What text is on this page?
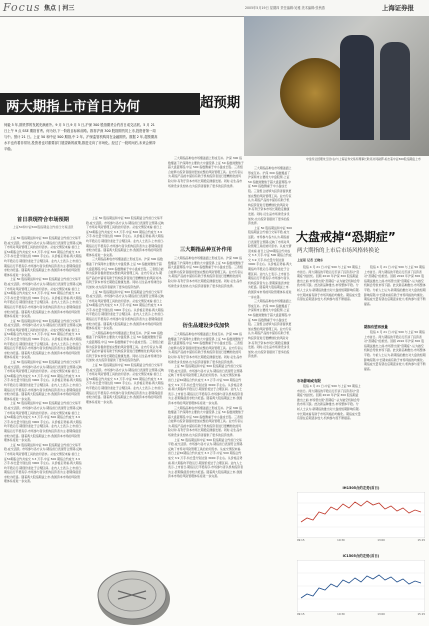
Focus 焦点 | 河三	2005年5月19日 星期四 责任编辑:吴雅 美术编辑:张秋燕	上海证券报
中金所总经理朱玉辰(右)与上海证券交易所理事长耿亮共同敲锣,标志着中证500股指期货上市
两大期指上市首日为何	超预期
何毅 5 年,期货界的发展充满意外。9 月 5 日,9 月 5 日,沪深 300 股指期货合约首日成交活跃。5 月 21 日上午 9 点 SSE 期指首秀。何为好,下一阶段目标和前路。推荐沪深 300 股指期货初上市,投资者第一周与中。预计 21 日。上证 50 和中证 500 期指,中 2 年。沪深监管机构同在金融期货。数据 2 年,超预期高水平也有着非常好,投资者也对重要部门展望新的政策,推进走向了市场化。经过了一段时间后,未来会保持平稳。
首日表现符合市场预期
上证50和中证500股指期货合约首日交易活跃

上证 50 股指期货和中证 500 股指期货合约首日交易平稳,成交活跃。市场参与各方认为,期指首日表现符合预期,反映了市场对风险管理工具的迫切需求。从成交情况来看,首日上证50期指合约共成交 3.3 万手,中证 500 期指合约成交 3.9 万手,持仓量分别达到 3000 手左右。从价格走势看,两大期指均平稳运行,期现价差处于合理区间。业内人士表示,上市首日,期指运行平稳有序,市场参与者以机构投资者为主,套期保值需求较为旺盛。随着两大股指期货上市,我国资本市场的风险管理体系将进一步完善。

上证 50 股指期货和中证 500 股指期货合约首日交易平稳,成交活跃。市场参与各方认为,期指首日表现符合预期,反映了市场对风险管理工具的迫切需求。从成交情况来看,首日上证50期指合约共成交 3.3 万手,中证 500 期指合约成交 3.9 万手,持仓量分别达到 3000 手左右。从价格走势看,两大期指均平稳运行,期现价差处于合理区间。业内人士表示,上市首日,期指运行平稳有序,市场参与者以机构投资者为主,套期保值需求较为旺盛。随着两大股指期货上市,我国资本市场的风险管理体系将进一步完善。

上证 50 股指期货和中证 500 股指期货合约首日交易平稳,成交活跃。市场参与各方认为,期指首日表现符合预期,反映了市场对风险管理工具的迫切需求。从成交情况来看,首日上证50期指合约共成交 3.3 万手,中证 500 期指合约成交 3.9 万手,持仓量分别达到 3000 手左右。从价格走势看,两大期指均平稳运行,期现价差处于合理区间。业内人士表示,上市首日,期指运行平稳有序,市场参与者以机构投资者为主,套期保值需求较为旺盛。随着两大股指期货上市,我国资本市场的风险管理体系将进一步完善。

上证 50 股指期货和中证 500 股指期货合约首日交易平稳,成交活跃。市场参与各方认为,期指首日表现符合预期,反映了市场对风险管理工具的迫切需求。从成交情况来看,首日上证50期指合约共成交 3.3 万手,中证 500 期指合约成交 3.9 万手,持仓量分别达到 3000 手左右。从价格走势看,两大期指均平稳运行,期现价差处于合理区间。业内人士表示,上市首日,期指运行平稳有序,市场参与者以机构投资者为主,套期保值需求较为旺盛。随着两大股指期货上市,我国资本市场的风险管理体系将进一步完善。

上证 50 股指期货和中证 500 股指期货合约首日交易平稳,成交活跃。市场参与各方认为,期指首日表现符合预期,反映了市场对风险管理工具的迫切需求。从成交情况来看,首日上证50期指合约共成交 3.3 万手,中证 500 期指合约成交 3.9 万手,持仓量分别达到 3000 手左右。从价格走势看,两大期指均平稳运行,期现价差处于合理区间。业内人士表示,上市首日,期指运行平稳有序,市场参与者以机构投资者为主,套期保值需求较为旺盛。随着两大股指期货上市,我国资本市场的风险管理体系将进一步完善。

上证 50 股指期货和中证 500 股指期货合约首日交易平稳,成交活跃。市场参与各方认为,期指首日表现符合预期,反映了市场对风险管理工具的迫切需求。从成交情况来看,首日上证50期指合约共成交 3.3 万手,中证 500 期指合约成交 3.9 万手,持仓量分别达到 3000 手左右。从价格走势看,两大期指均平稳运行,期现价差处于合理区间。业内人士表示,上市首日,期指运行平稳有序,市场参与者以机构投资者为主,套期保值需求较为旺盛。随着两大股指期货上市,我国资本市场的风险管理体系将进一步完善。

上证 50 股指期货和中证 500 股指期货合约首日交易平稳,成交活跃。市场参与各方认为,期指首日表现符合预期,反映了市场对风险管理工具的迫切需求。从成交情况来看,首日上证50期指合约共成交 3.3 万手,中证 500 期指合约成交 3.9 万手,持仓量分别达到 3000 手左右。从价格走势看,两大期指均平稳运行,期现价差处于合理区间。业内人士表示,上市首日,期指运行平稳有序,市场参与者以机构投资者为主,套期保值需求较为旺盛。随着两大股指期货上市,我国资本市场的风险管理体系将进一步完善。

三大期指品种在市场覆盖面上形成互补。沪深 300 指数覆盖了沪深两市主要的大中盘股票,上证 50 指数则聚焦于超大盘蓝筹股,中证 500 指数侧重于中小盘成长股。三者组合能够为投资者提供更加完整的风险管理工具。业内专家认为,期指产品的丰富将有助于机构投资者进行更精细化的风险对冲,有利于资本市场长期稳定健康发展。同时,衍生品市场建设步伐加快,也为投资者提供了更多的投资选择。

上证 50 股指期货和中证 500 股指期货合约首日交易平稳,成交活跃。市场参与各方认为,期指首日表现符合预期,反映了市场对风险管理工具的迫切需求。从成交情况来看,首日上证50期指合约共成交 3.3 万手,中证 500 期指合约成交 3.9 万手,持仓量分别达到 3000 手左右。从价格走势看,两大期指均平稳运行,期现价差处于合理区间。业内人士表示,上市首日,期指运行平稳有序,市场参与者以机构投资者为主,套期保值需求较为旺盛。随着两大股指期货上市,我国资本市场的风险管理体系将进一步完善。

三大期指品种在市场覆盖面上形成互补。沪深 300 指数覆盖了沪深两市主要的大中盘股票,上证 50 指数则聚焦于超大盘蓝筹股,中证 500 指数侧重于中小盘成长股。三者组合能够为投资者提供更加完整的风险管理工具。业内专家认为,期指产品的丰富将有助于机构投资者进行更精细化的风险对冲,有利于资本市场长期稳定健康发展。同时,衍生品市场建设步伐加快,也为投资者提供了更多的投资选择。

上证 50 股指期货和中证 500 股指期货合约首日交易平稳,成交活跃。市场参与各方认为,期指首日表现符合预期,反映了市场对风险管理工具的迫切需求。从成交情况来看,首日上证50期指合约共成交 3.3 万手,中证 500 期指合约成交 3.9 万手,持仓量分别达到 3000 手左右。从价格走势看,两大期指均平稳运行,期现价差处于合理区间。业内人士表示,上市首日,期指运行平稳有序,市场参与者以机构投资者为主,套期保值需求较为旺盛。随着两大股指期货上市,我国资本市场的风险管理体系将进一步完善。

三大期指品种在市场覆盖面上形成互补。沪深 300 指数覆盖了沪深两市主要的大中盘股票,上证 50 指数则聚焦于超大盘蓝筹股,中证 500 指数侧重于中小盘成长股。三者组合能够为投资者提供更加完整的风险管理工具。业内专家认为,期指产品的丰富将有助于机构投资者进行更精细化的风险对冲,有利于资本市场长期稳定健康发展。同时,衍生品市场建设步伐加快,也为投资者提供了更多的投资选择。

三大期指品种互补作用

三大期指品种在市场覆盖面上形成互补。沪深 300 指数覆盖了沪深两市主要的大中盘股票,上证 50 指数则聚焦于超大盘蓝筹股,中证 500 指数侧重于中小盘成长股。三者组合能够为投资者提供更加完整的风险管理工具。业内专家认为,期指产品的丰富将有助于机构投资者进行更精细化的风险对冲,有利于资本市场长期稳定健康发展。同时,衍生品市场建设步伐加快,也为投资者提供了更多的投资选择。

衍生品建设步伐加快

三大期指品种在市场覆盖面上形成互补。沪深 300 指数覆盖了沪深两市主要的大中盘股票,上证 50 指数则聚焦于超大盘蓝筹股,中证 500 指数侧重于中小盘成长股。三者组合能够为投资者提供更加完整的风险管理工具。业内专家认为,期指产品的丰富将有助于机构投资者进行更精细化的风险对冲,有利于资本市场长期稳定健康发展。同时,衍生品市场建设步伐加快,也为投资者提供了更多的投资选择。

上证 50 股指期货和中证 500 股指期货合约首日交易平稳,成交活跃。市场参与各方认为,期指首日表现符合预期,反映了市场对风险管理工具的迫切需求。从成交情况来看,首日上证50期指合约共成交 3.3 万手,中证 500 期指合约成交 3.9 万手,持仓量分别达到 3000 手左右。从价格走势看,两大期指均平稳运行,期现价差处于合理区间。业内人士表示,上市首日,期指运行平稳有序,市场参与者以机构投资者为主,套期保值需求较为旺盛。随着两大股指期货上市,我国资本市场的风险管理体系将进一步完善。

三大期指品种在市场覆盖面上形成互补。沪深 300 指数覆盖了沪深两市主要的大中盘股票,上证 50 指数则聚焦于超大盘蓝筹股,中证 500 指数侧重于中小盘成长股。三者组合能够为投资者提供更加完整的风险管理工具。业内专家认为,期指产品的丰富将有助于机构投资者进行更精细化的风险对冲,有利于资本市场长期稳定健康发展。同时,衍生品市场建设步伐加快,也为投资者提供了更多的投资选择。

上证 50 股指期货和中证 500 股指期货合约首日交易平稳,成交活跃。市场参与各方认为,期指首日表现符合预期,反映了市场对风险管理工具的迫切需求。从成交情况来看,首日上证50期指合约共成交 3.3 万手,中证 500 期指合约成交 3.9 万手,持仓量分别达到 3000 手左右。从价格走势看,两大期指均平稳运行,期现价差处于合理区间。业内人士表示,上市首日,期指运行平稳有序,市场参与者以机构投资者为主,套期保值需求较为旺盛。随着两大股指期货上市,我国资本市场的风险管理体系将进一步完善。

三大期指品种在市场覆盖面上形成互补。沪深 300 指数覆盖了沪深两市主要的大中盘股票,上证 50 指数则聚焦于超大盘蓝筹股,中证 500 指数侧重于中小盘成长股。三者组合能够为投资者提供更加完整的风险管理工具。业内专家认为,期指产品的丰富将有助于机构投资者进行更精细化的风险对冲,有利于资本市场长期稳定健康发展。同时,衍生品市场建设步伐加快,也为投资者提供了更多的投资选择。

上证 50 股指期货和中证 500 股指期货合约首日交易平稳,成交活跃。市场参与各方认为,期指首日表现符合预期,反映了市场对风险管理工具的迫切需求。从成交情况来看,首日上证50期指合约共成交 3.3 万手,中证 500 期指合约成交 3.9 万手,持仓量分别达到 3000 手左右。从价格走势看,两大期指均平稳运行,期现价差处于合理区间。业内人士表示,上市首日,期指运行平稳有序,市场参与者以机构投资者为主,套期保值需求较为旺盛。随着两大股指期货上市,我国资本市场的风险管理体系将进一步完善。

三大期指品种在市场覆盖面上形成互补。沪深 300 指数覆盖了沪深两市主要的大中盘股票,上证 50 指数则聚焦于超大盘蓝筹股,中证 500 指数侧重于中小盘成长股。三者组合能够为投资者提供更加完整的风险管理工具。业内专家认为,期指产品的丰富将有助于机构投资者进行更精细化的风险对冲,有利于资本市场长期稳定健康发展。同时,衍生品市场建设步伐加快,也为投资者提供了更多的投资选择。

大盘戒掉“恐期症”
两大期指的上市后市场风格转换论
上证报 记者 王晓东

股指 4 月 21 日,中证 500 与上证 50 期指上市首日。两大期指的平稳运行打消了投资者对“恐期症”的担忧。回顾 2010 年沪深 300 股指期货推出之前,市场曾出现“恐期症”,认为做空机制会导致市场下跌。此次新品种推出,市场整体平稳。分析人士认为,新期指的推出对大盘的短期影响有限,中长期来看有助于市场风格的均衡化。期指成交量有望在后期逐步放大,机构参与度不断提高。

市场影响或有限

股指 4 月 21 日,中证 500 与上证 50 期指上市首日。两大期指的平稳运行打消了投资者对“恐期症”的担忧。回顾 2010 年沪深 300 股指期货推出之前,市场曾出现“恐期症”,认为做空机制会导致市场下跌。此次新品种推出,市场整体平稳。分析人士认为,新期指的推出对大盘的短期影响有限,中长期来看有助于市场风格的均衡化。期指成交量有望在后期逐步放大,机构参与度不断提高。

股指 4 月 21 日,中证 500 与上证 50 期指上市首日。两大期指的平稳运行打消了投资者对“恐期症”的担忧。回顾 2010 年沪深 300 股指期货推出之前,市场曾出现“恐期症”,认为做空机制会导致市场下跌。此次新品种推出,市场整体平稳。分析人士认为,新期指的推出对大盘的短期影响有限,中长期来看有助于市场风格的均衡化。期指成交量有望在后期逐步放大,机构参与度不断提高。

期指有望再放量

股指 4 月 21 日,中证 500 与上证 50 期指上市首日。两大期指的平稳运行打消了投资者对“恐期症”的担忧。回顾 2010 年沪深 300 股指期货推出之前,市场曾出现“恐期症”,认为做空机制会导致市场下跌。此次新品种推出,市场整体平稳。分析人士认为,新期指的推出对大盘的短期影响有限,中长期来看有助于市场风格的均衡化。期指成交量有望在后期逐步放大,机构参与度不断提高。

IH1505合约走势(首日)
09:15	10:30	13:00	15:15
IC1505合约走势(首日)
09:15	10:30	13:00	15:15
